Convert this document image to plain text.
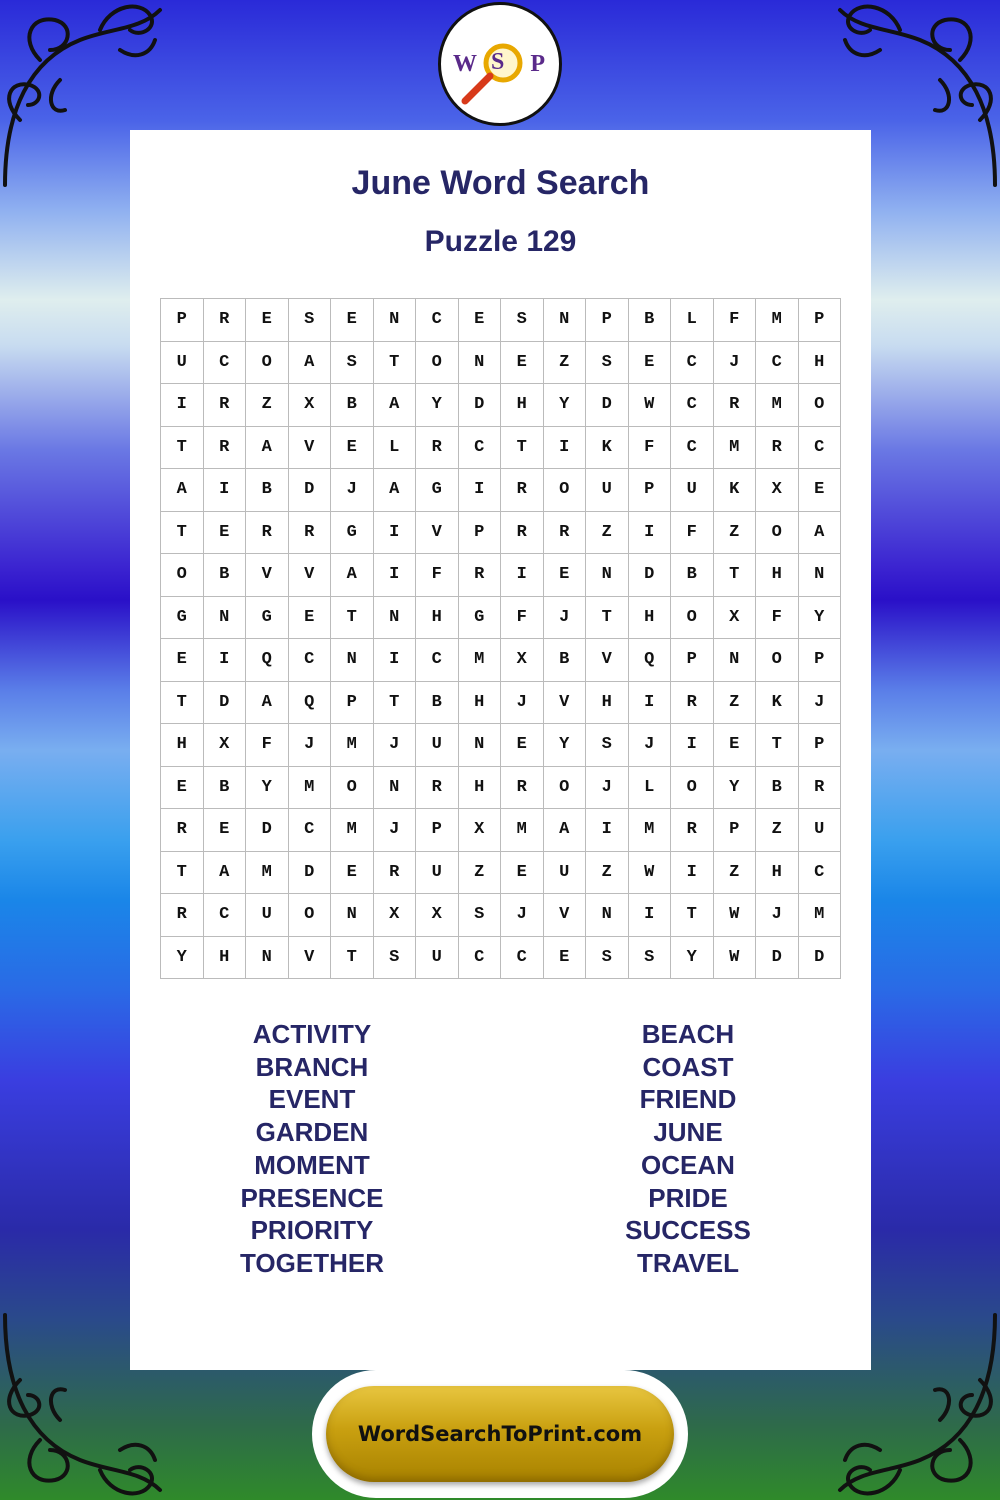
W S P
June Word Search
Puzzle 129
P	R	E	S	E	N	C	E	S	N	P	B	L	F	M	P
U	C	O	A	S	T	O	N	E	Z	S	E	C	J	C	H
I	R	Z	X	B	A	Y	D	H	Y	D	W	C	R	M	O
T	R	A	V	E	L	R	C	T	I	K	F	C	M	R	C
A	I	B	D	J	A	G	I	R	O	U	P	U	K	X	E
T	E	R	R	G	I	V	P	R	R	Z	I	F	Z	O	A
O	B	V	V	A	I	F	R	I	E	N	D	B	T	H	N
G	N	G	E	T	N	H	G	F	J	T	H	O	X	F	Y
E	I	Q	C	N	I	C	M	X	B	V	Q	P	N	O	P
T	D	A	Q	P	T	B	H	J	V	H	I	R	Z	K	J
H	X	F	J	M	J	U	N	E	Y	S	J	I	E	T	P
E	B	Y	M	O	N	R	H	R	O	J	L	O	Y	B	R
R	E	D	C	M	J	P	X	M	A	I	M	R	P	Z	U
T	A	M	D	E	R	U	Z	E	U	Z	W	I	Z	H	C
R	C	U	O	N	X	X	S	J	V	N	I	T	W	J	M
Y	H	N	V	T	S	U	C	C	E	S	S	Y	W	D	D
ACTIVITY
BRANCH
EVENT
GARDEN
MOMENT
PRESENCE
PRIORITY
TOGETHER
BEACH
COAST
FRIEND
JUNE
OCEAN
PRIDE
SUCCESS
TRAVEL
WordSearchToPrint.com
